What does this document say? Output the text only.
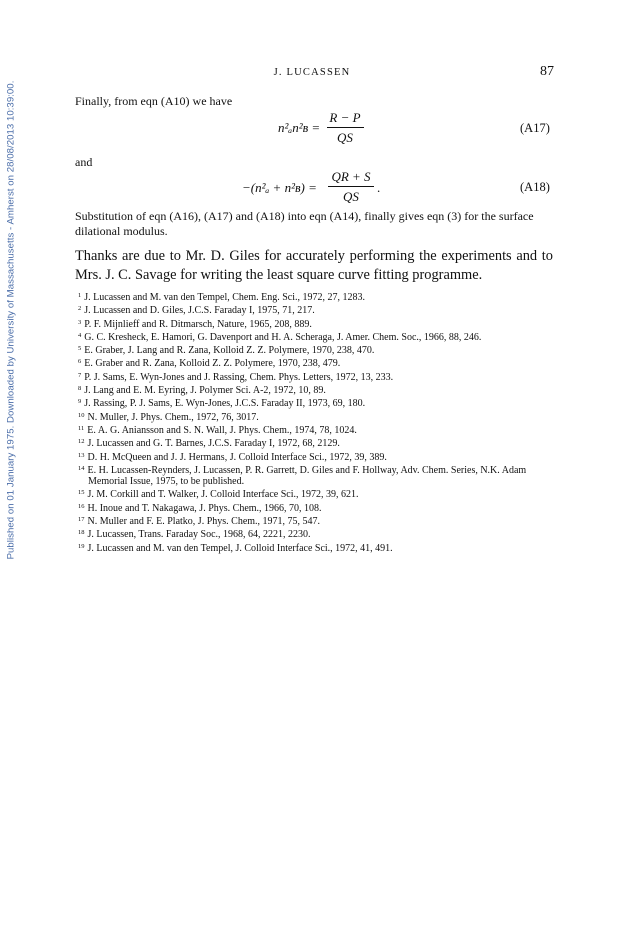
Published on 01 January 1975. Downloaded by University of Massachusetts - Amherst on 28/08/2013 10:39:00.
J. LUCASSEN	87
Finally, from eqn (A10) we have
n²ₐn²ʙ =
R − P
QS
(A17)
and
−(n²ₐ + n²ʙ) =
QR + S
QS
.	(A18)
Substitution of eqn (A16), (A17) and (A18) into eqn (A14), finally gives eqn (3) for the surface dilational modulus.
Thanks are due to Mr. D. Giles for accurately performing the experiments and to Mrs. J. C. Savage for writing the least square curve fitting programme.
$^1$ J. Lucassen and M. van den Tempel, Chem. Eng. Sci., 1972, 27, 1283.
$^2$ J. Lucassen and D. Giles, J.C.S. Faraday I, 1975, 71, 217.
$^3$ P. F. Mijnlieff and R. Ditmarsch, Nature, 1965, 208, 889.
$^4$ G. C. Kresheck, E. Hamori, G. Davenport and H. A. Scheraga, J. Amer. Chem. Soc., 1966, 88, 246.
$^5$ E. Graber, J. Lang and R. Zana, Kolloid Z. Z. Polymere, 1970, 238, 470.
$^6$ E. Graber and R. Zana, Kolloid Z. Z. Polymere, 1970, 238, 479.
$^7$ P. J. Sams, E. Wyn-Jones and J. Rassing, Chem. Phys. Letters, 1972, 13, 233.
$^8$ J. Lang and E. M. Eyring, J. Polymer Sci. A-2, 1972, 10, 89.
$^9$ J. Rassing, P. J. Sams, E. Wyn-Jones, J.C.S. Faraday II, 1973, 69, 180.
$^{10}$ N. Muller, J. Phys. Chem., 1972, 76, 3017.
$^{11}$ E. A. G. Aniansson and S. N. Wall, J. Phys. Chem., 1974, 78, 1024.
$^{12}$ J. Lucassen and G. T. Barnes, J.C.S. Faraday I, 1972, 68, 2129.
$^{13}$ D. H. McQueen and J. J. Hermans, J. Colloid Interface Sci., 1972, 39, 389.
$^{14}$ E. H. Lucassen-Reynders, J. Lucassen, P. R. Garrett, D. Giles and F. Hollway, Adv. Chem. Series, N.K. Adam Memorial Issue, 1975, to be published.
$^{15}$ J. M. Corkill and T. Walker, J. Colloid Interface Sci., 1972, 39, 621.
$^{16}$ H. Inoue and T. Nakagawa, J. Phys. Chem., 1966, 70, 108.
$^{17}$ N. Muller and F. E. Platko, J. Phys. Chem., 1971, 75, 547.
$^{18}$ J. Lucassen, Trans. Faraday Soc., 1968, 64, 2221, 2230.
$^{19}$ J. Lucassen and M. van den Tempel, J. Colloid Interface Sci., 1972, 41, 491.
